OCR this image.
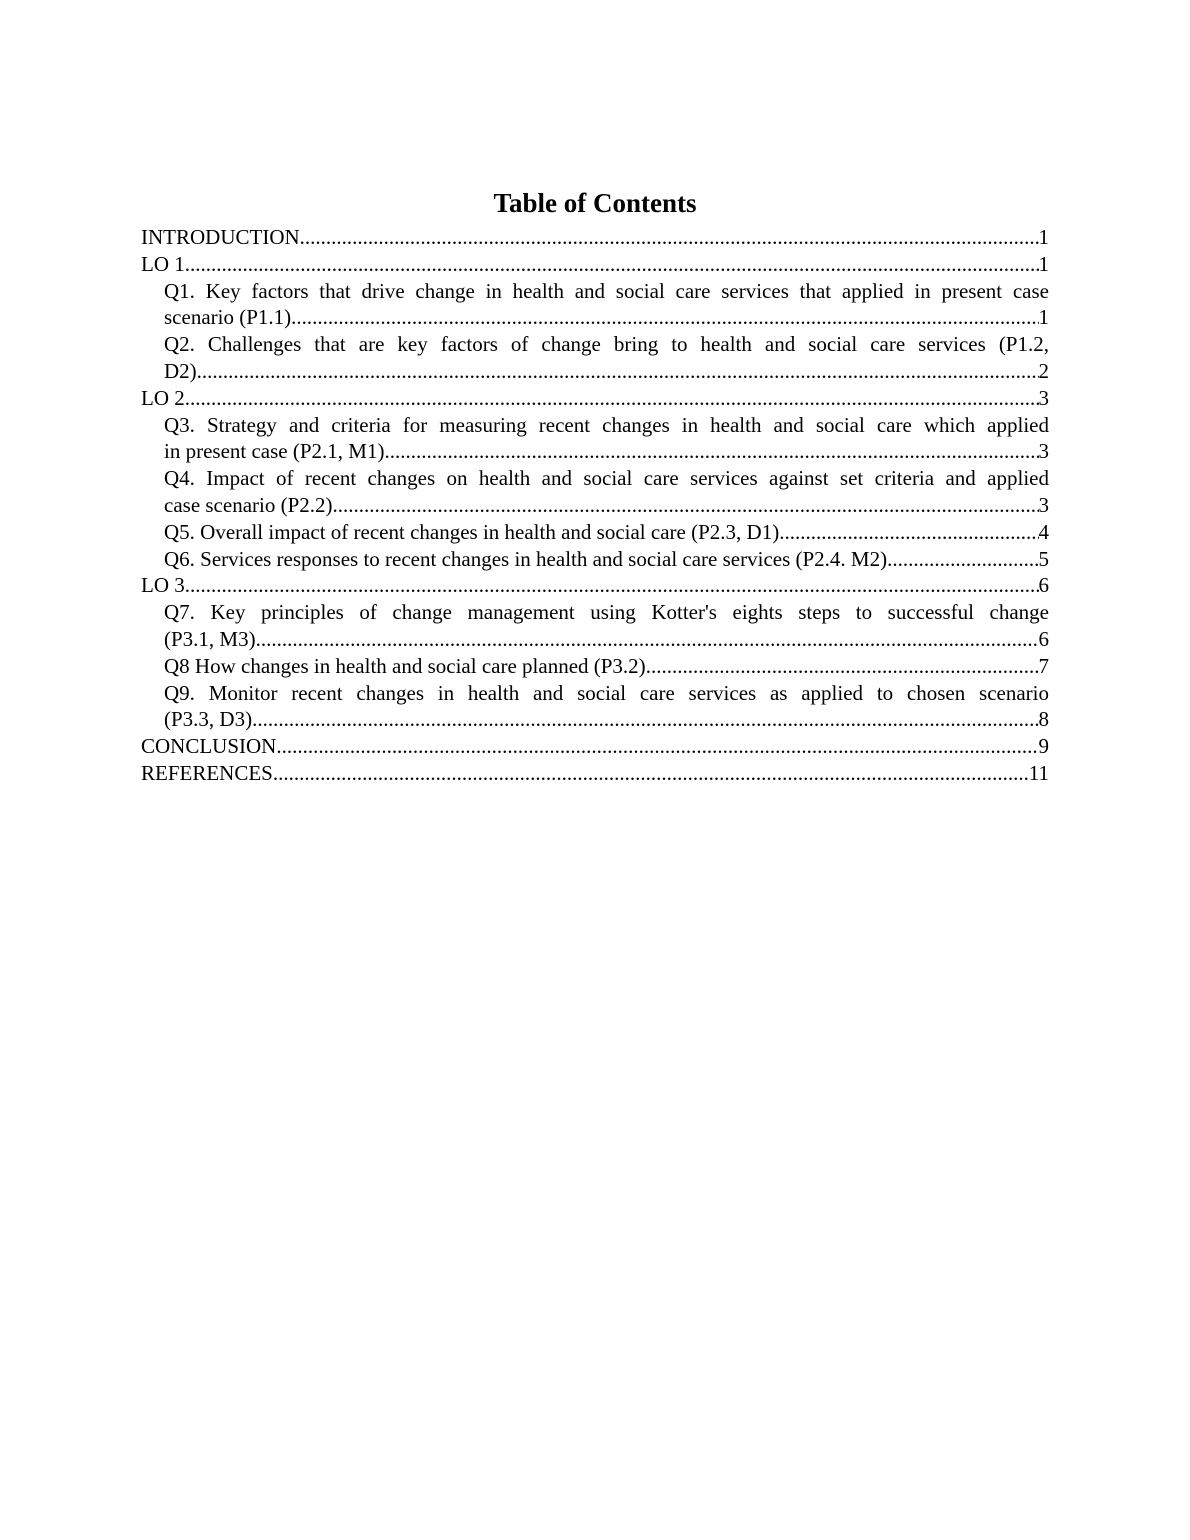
Table of Contents
INTRODUCTION .....	1
LO 1 .....	1
Q1. Key factors that drive change in health and social care services that applied in present case
scenario (P1.1) .....	1
Q2. Challenges that are key factors of change bring to health and social care services (P1.2,
D2) .....	2
LO 2 .....	3
Q3. Strategy and criteria for measuring recent changes in health and social care which applied
in present case (P2.1, M1) .....	3
Q4. Impact of recent changes on health and social care services against set criteria and applied
case scenario (P2.2) .....	3
Q5. Overall impact of recent changes in health and social care (P2.3, D1) .....	4
Q6. Services responses to recent changes in health and social care services (P2.4. M2) .....	5
LO 3 .....	6
Q7. Key principles of change management using Kotter's eights steps to successful change
(P3.1, M3) .....	6
Q8 How changes in health and social care planned (P3.2) .....	7
Q9. Monitor recent changes in health and social care services as applied to chosen scenario
(P3.3, D3) .....	8
CONCLUSION .....	9
REFERENCES .....	11
